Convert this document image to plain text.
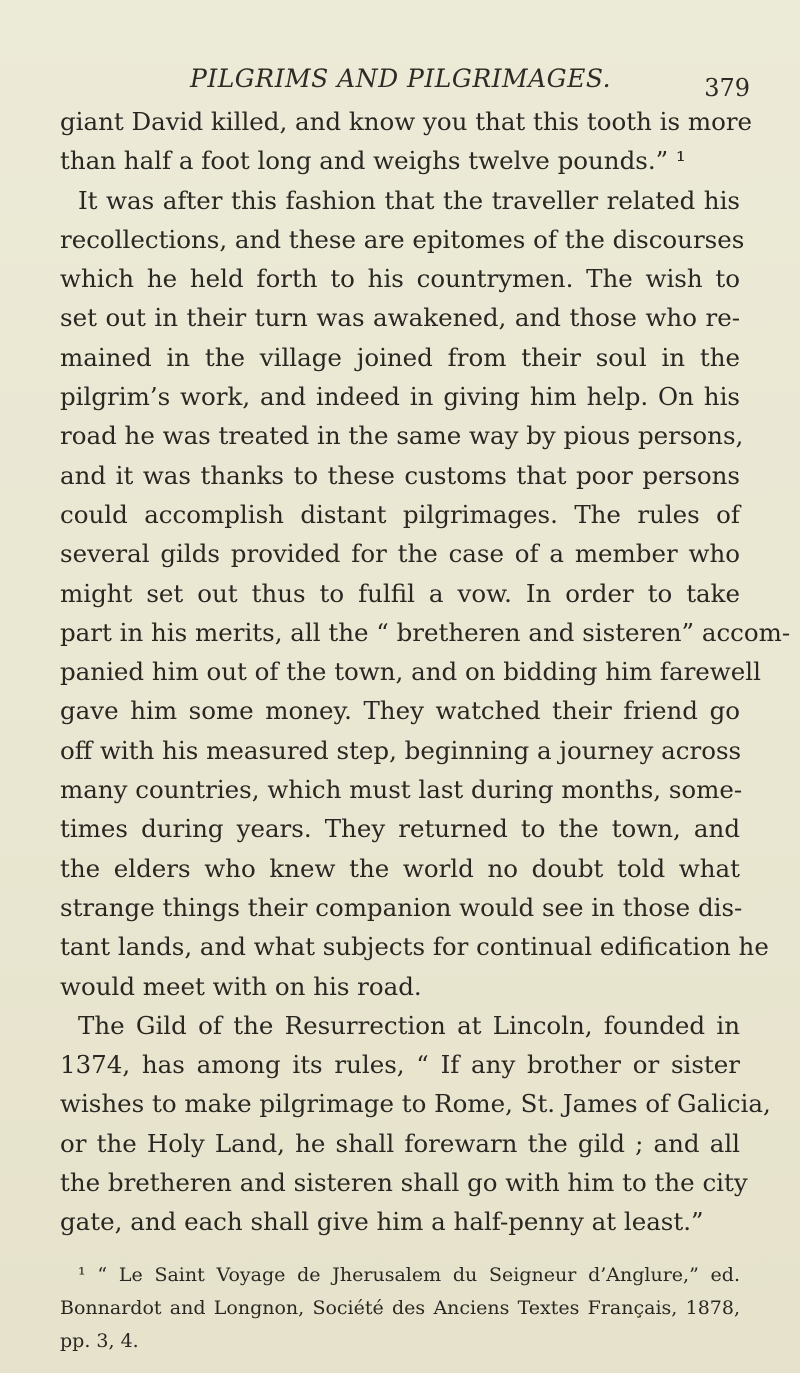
PILGRIMS AND PILGRIMAGES.	379
giant David killed, and know you that this tooth is more
than half a foot long and weighs twelve pounds.” ¹
It was after this fashion that the traveller related his
recollections, and these are epitomes of the discourses
which he held forth to his countrymen. The wish to
set out in their turn was awakened, and those who re-
mained in the village joined from their soul in the
pilgrim’s work, and indeed in giving him help. On his
road he was treated in the same way by pious persons,
and it was thanks to these customs that poor persons
could accomplish distant pilgrimages. The rules of
several gilds provided for the case of a member who
might set out thus to fulfil a vow. In order to take
part in his merits, all the “ bretheren and sisteren” accom-
panied him out of the town, and on bidding him farewell
gave him some money. They watched their friend go
off with his measured step, beginning a journey across
many countries, which must last during months, some-
times during years. They returned to the town, and
the elders who knew the world no doubt told what
strange things their companion would see in those dis-
tant lands, and what subjects for continual edification he
would meet with on his road.
The Gild of the Resurrection at Lincoln, founded in
1374, has among its rules, “ If any brother or sister
wishes to make pilgrimage to Rome, St. James of Galicia,
or the Holy Land, he shall forewarn the gild ; and all
the bretheren and sisteren shall go with him to the city
gate, and each shall give him a half-penny at least.”
¹ “ Le Saint Voyage de Jherusalem du Seigneur d’Anglure,” ed.
Bonnardot and Longnon, Société des Anciens Textes Français, 1878,
pp. 3, 4.
